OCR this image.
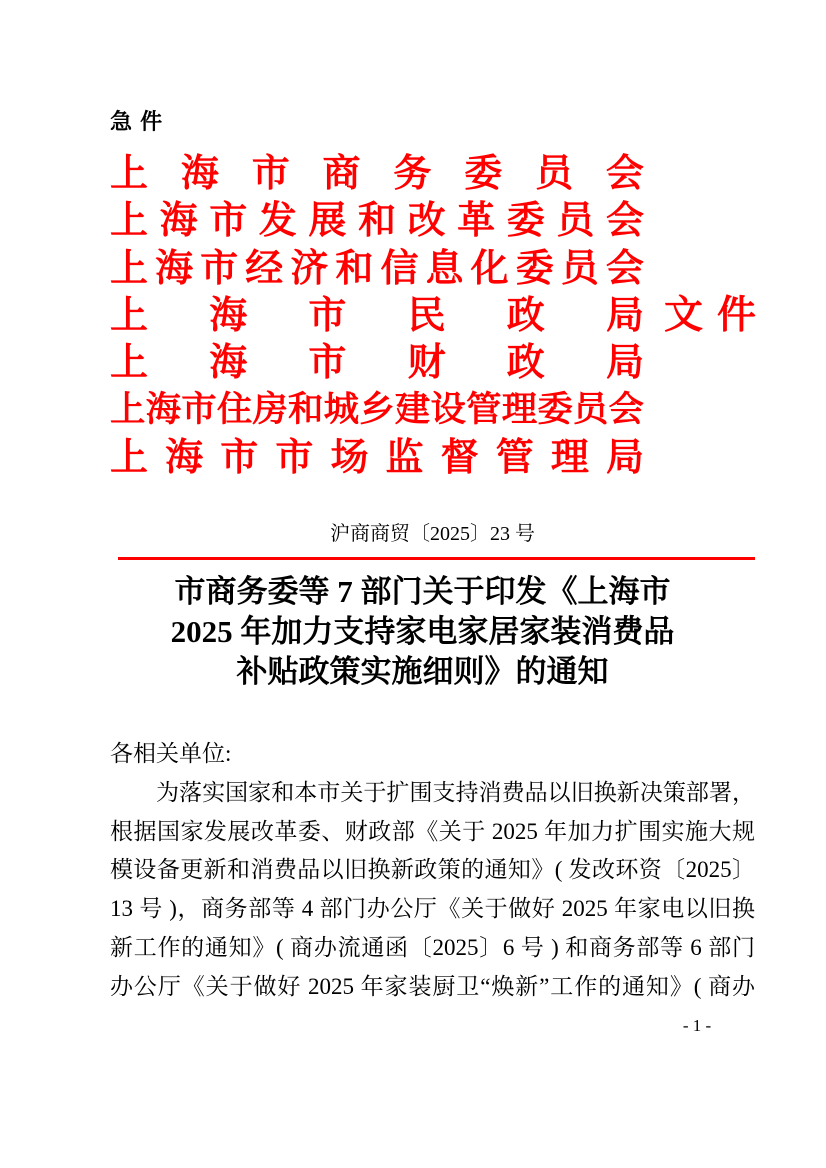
急 件
上 海 市 商 务 委 员 会
上 海 市 发 展 和 改 革 委 员 会
上 海 市 经 济 和 信 息 化 委 员 会
上 海 市 民 政 局
上 海 市 财 政 局
上 海 市 住 房 和 城 乡 建 设 管 理 委 员 会
上 海 市 市 场 监 督 管 理 局
文 件
沪商商贸〔2025〕23 号
市商务委等 7 部门关于印发《上海市
2025 年加力支持家电家居家装消费品
补贴政策实施细则》的通知
各相关单位:
为落实国家和本市关于扩围支持消费品以旧换新决策部署，
根据国家发展改革委、财政部《关于 2025 年加力扩围实施大规
模设备更新和消费品以旧换新政策的通知》( 发改环资〔2025〕
13 号 )，商务部等 4 部门办公厅《关于做好 2025 年家电以旧换
新工作的通知》( 商办流通函〔2025〕6 号 ) 和商务部等 6 部门
办公厅《关于做好 2025 年家装厨卫“焕新”工作的通知》( 商办
- 1 -
